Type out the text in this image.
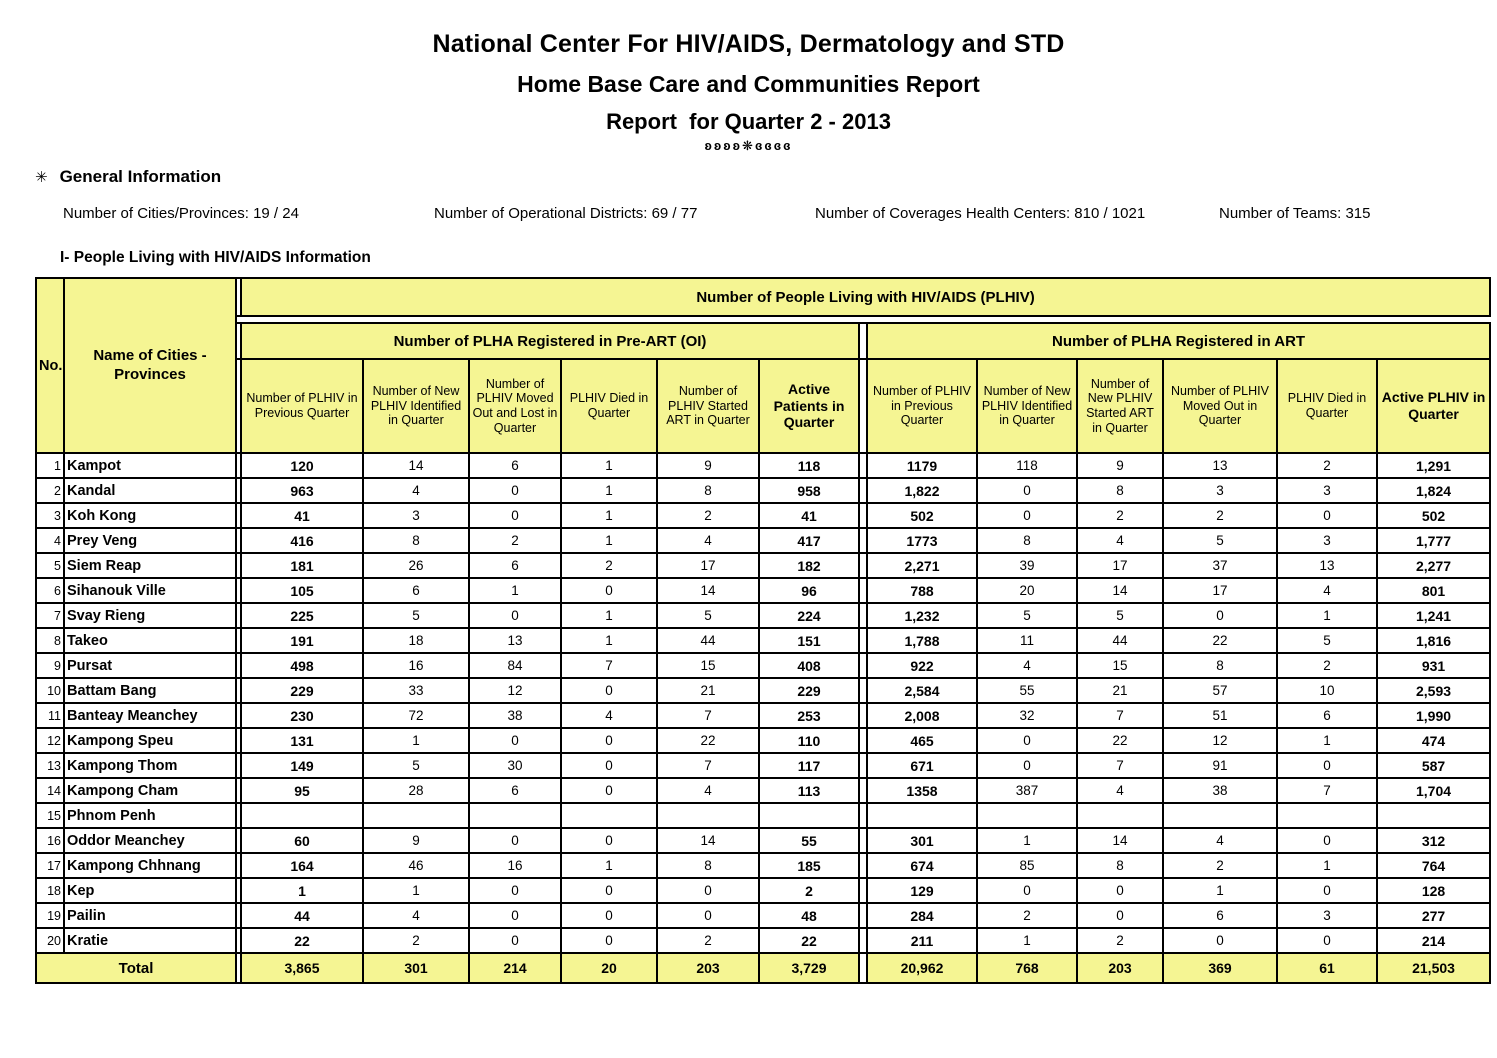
National Center For HIV/AIDS, Dermatology and STD
Home Base Care and Communities Report
Report  for Quarter 2 - 2013
ʚʚʚʚ❋ɞɞɞɞ
✳ General Information
Number of Cities/Provinces: 19 / 24	Number of Operational Districts: 69 / 77	Number of Coverages Health Centers: 810 / 1021	Number of Teams: 315
I- People Living with HIV/AIDS Information
No.	Name of Cities - Provinces		Number of People Living with HIV/AIDS (PLHIV)												

			Number of PLHA Registered in Pre-ART (OI)							Number of PLHA Registered in ART					
			Number of PLHIV in Previous Quarter	Number of New PLHIV Identified in Quarter	Number of PLHIV Moved Out and Lost in Quarter	PLHIV Died in Quarter	Number of PLHIV Started ART in Quarter	Active Patients in Quarter		Number of PLHIV in Previous Quarter	Number of New PLHIV Identified in Quarter	Number of New PLHIV Started ART in Quarter	Number of PLHIV Moved Out in Quarter	PLHIV Died in Quarter	Active PLHIV in Quarter
1	Kampot		120	14	6	1	9	118		1179	118	9	13	2	1,291
2	Kandal		963	4	0	1	8	958		1,822	0	8	3	3	1,824
3	Koh Kong		41	3	0	1	2	41		502	0	2	2	0	502
4	Prey Veng		416	8	2	1	4	417		1773	8	4	5	3	1,777
5	Siem Reap		181	26	6	2	17	182		2,271	39	17	37	13	2,277
6	Sihanouk Ville		105	6	1	0	14	96		788	20	14	17	4	801
7	Svay Rieng		225	5	0	1	5	224		1,232	5	5	0	1	1,241
8	Takeo		191	18	13	1	44	151		1,788	11	44	22	5	1,816
9	Pursat		498	16	84	7	15	408		922	4	15	8	2	931
10	Battam Bang		229	33	12	0	21	229		2,584	55	21	57	10	2,593
11	Banteay Meanchey		230	72	38	4	7	253		2,008	32	7	51	6	1,990
12	Kampong Speu		131	1	0	0	22	110		465	0	22	12	1	474
13	Kampong Thom		149	5	30	0	7	117		671	0	7	91	0	587
14	Kampong Cham		95	28	6	0	4	113		1358	387	4	38	7	1,704
15	Phnom Penh														
16	Oddor Meanchey		60	9	0	0	14	55		301	1	14	4	0	312
17	Kampong Chhnang		164	46	16	1	8	185		674	85	8	2	1	764
18	Kep		1	1	0	0	0	2		129	0	0	1	0	128
19	Pailin		44	4	0	0	0	48		284	2	0	6	3	277
20	Kratie		22	2	0	0	2	22		211	1	2	0	0	214
Total			3,865	301	214	20	203	3,729		20,962	768	203	369	61	21,503
